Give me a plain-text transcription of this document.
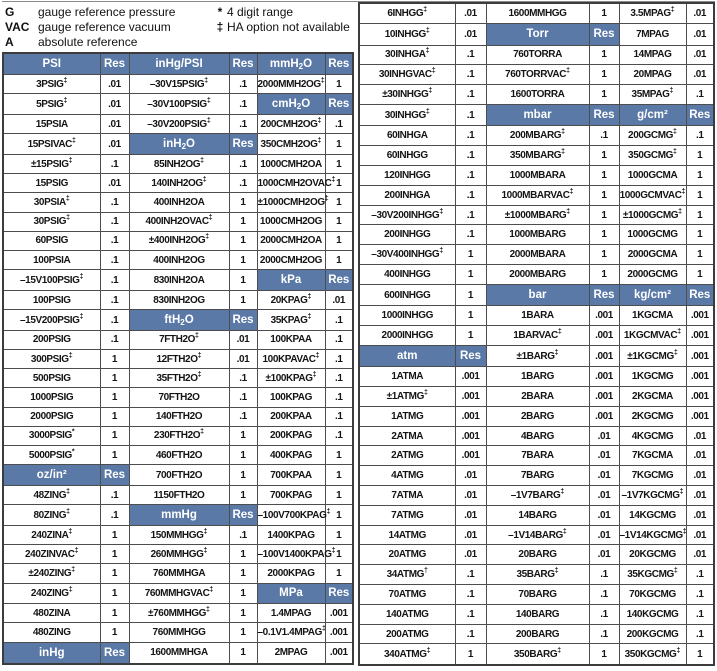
G gauge reference pressure
VAC gauge reference vacuum
A absolute reference
* 4 digit range
‡ HA option not available
PSI	Res	inHg/PSI	Res	mmH$_2$O	Res
3PSIG‡	.01	–30V15PSIG‡	.1	2000MMH2OG‡	1
5PSIG‡	.01	–30V100PSIG‡	.1	cmH$_2$O	Res
15PSIA	.01	–30V200PSIG‡	.1	200CMH2OG‡	.1
15PSIVAC‡	.01	inH$_2$O	Res	350CMH2OG‡	1
±15PSIG‡	.1	85INH2OG‡	.1	1000CMH2OA	1
15PSIG	.01	140INH2OG‡	.1	1000CMH2OVAC‡	1
30PSIA‡	.1	400INH2OA	1	±1000CMH2OG‡	1
30PSIG‡	.1	400INH2OVAC‡	1	1000CMH2OG	1
60PSIG	.1	±400INH2OG‡	1	2000CMH2OA	1
100PSIA	.1	400INH2OG	1	2000CMH2OG	1
–15V100PSIG‡	.1	830INH2OA	1	kPa	Res
100PSIG	.1	830INH2OG	1	20KPAG‡	.01
–15V200PSIG‡	.1	ftH$_2$O	Res	35KPAG‡	.1
200PSIG	.1	7FTH2O‡	.01	100KPAA	.1
300PSIG‡	1	12FTH2O‡	.01	100KPAVAC‡	.1
500PSIG	1	35FTH2O‡	.1	±100KPAG‡	.1
1000PSIG	1	70FTH2O	.1	100KPAG	.1
2000PSIG	1	140FTH2O	.1	200KPAA	.1
3000PSIG*	1	230FTH2O‡	1	200KPAG	.1
5000PSIG*	1	460FTH2O	1	400KPAG	1
oz/in²	Res	700FTH2O	1	700KPAA	1
48ZING‡	.1	1150FTH2O	1	700KPAG	1
80ZING‡	.1	mmHg	Res	–100V700KPAG‡	1
240ZINA‡	1	150MMHGG‡	.1	1400KPAG	1
240ZINVAC‡	1	260MMHGG‡	1	–100V1400KPAG‡	1
±240ZING‡	1	760MMHGA	1	2000KPAG	1
240ZING‡	1	760MMHGVAC‡	1	MPa	Res
480ZINA	1	±760MMHGG‡	1	1.4MPAG	.001
480ZING	1	760MMHGG	1	–0.1V1.4MPAG‡	.001
inHg	Res	1600MMHGA	1	2MPAG	.001
6INHGG‡	.01	1600MMHGG	1	3.5MPAG‡	.01
10INHGG‡	.01	Torr	Res	7MPAG	.01
30INHGA‡	.1	760TORRA	1	14MPAG	.01
30INHGVAC‡	.1	760TORRVAC‡	1	20MPAG	.01
±30INHGG‡	.1	1600TORRA	1	35MPAG‡	.1
30INHGG‡	.1	mbar	Res	g/cm²	Res
60INHGA	.1	200MBARG‡	.1	200GCMG‡	.1
60INHGG	.1	350MBARG‡	1	350GCMG‡	1
120INHGG	.1	1000MBARA	1	1000GCMA	1
200INHGA	.1	1000MBARVAC‡	1	1000GCMVAC‡	1
–30V200INHGG‡	.1	±1000MBARG‡	1	±1000GCMG‡	1
200INHGG	.1	1000MBARG	1	1000GCMG	1
–30V400INHGG‡	1	2000MBARA	1	2000GCMA	1
400INHGG	1	2000MBARG	1	2000GCMG	1
600INHGG	1	bar	Res	kg/cm²	Res
1000INHGG	1	1BARA	.001	1KGCMA	.001
2000INHGG	1	1BARVAC‡	.001	1KGCMVAC‡	.001
atm	Res	±1BARG‡	.001	±1KGCMG‡	.001
1ATMA	.001	1BARG	.001	1KGCMG	.001
±1ATMG‡	.001	2BARA	.001	2KGCMA	.001
1ATMG	.001	2BARG	.001	2KGCMG	.001
2ATMA	.001	4BARG	.01	4KGCMG	.01
2ATMG	.001	7BARA	.01	7KGCMA	.01
4ATMG	.01	7BARG	.01	7KGCMG	.01
7ATMA	.01	–1V7BARG‡	.01	–1V7KGCMG‡	.01
7ATMG	.01	14BARG	.01	14KGCMG	.01
14ATMG	.01	–1V14BARG‡	.01	–1V14KGCMG‡	.01
20ATMG	.01	20BARG	.01	20KGCMG	.01
34ATMG†	.1	35BARG‡	.1	35KGCMG‡	.1
70ATMG	.1	70BARG	.1	70KGCMG	.1
140ATMG	.1	140BARG	.1	140KGCMG	.1
200ATMG	.1	200BARG	.1	200KGCMG	.1
340ATMG‡	1	350BARG‡	1	350KGCMG‡	1
